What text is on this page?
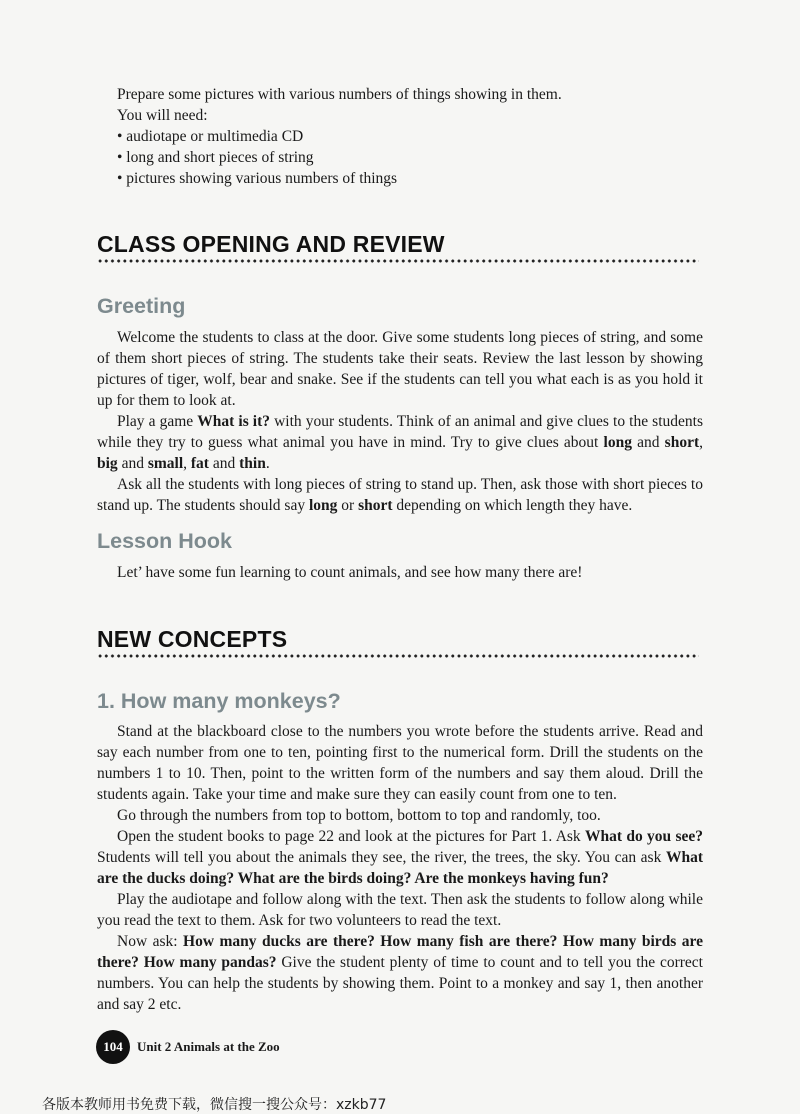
Prepare some pictures with various numbers of things showing in them.
You will need:
• audiotape or multimedia CD
• long and short pieces of string
• pictures showing various numbers of things
CLASS OPENING AND REVIEW
Greeting

Welcome the students to class at the door. Give some students long pieces of string, and some of them short pieces of string. The students take their seats. Review the last lesson by showing pictures of tiger, wolf, bear and snake. See if the students can tell you what each is as you hold it up for them to look at.

Play a game What is it? with your students. Think of an animal and give clues to the students while they try to guess what animal you have in mind. Try to give clues about long and short, big and small, fat and thin.

Ask all the students with long pieces of string to stand up. Then, ask those with short pieces to stand up. The students should say long or short depending on which length they have.

Lesson Hook

Let’ have some fun learning to count animals, and see how many there are!

NEW CONCEPTS
1. How many monkeys?

Stand at the blackboard close to the numbers you wrote before the students arrive. Read and say each number from one to ten, pointing first to the numerical form. Drill the students on the numbers 1 to 10. Then, point to the written form of the numbers and say them aloud. Drill the students again. Take your time and make sure they can easily count from one to ten.

Go through the numbers from top to bottom, bottom to top and randomly, too.

Open the student books to page 22 and look at the pictures for Part 1. Ask What do you see? Students will tell you about the animals they see, the river, the trees, the sky. You can ask What are the ducks doing? What are the birds doing? Are the monkeys having fun?

Play the audiotape and follow along with the text. Then ask the students to follow along while you read the text to them. Ask for two volunteers to read the text.

Now ask: How many ducks are there? How many fish are there? How many birds are there? How many pandas? Give the student plenty of time to count and to tell you the correct numbers. You can help the students by showing them. Point to a monkey and say 1, then another and say 2 etc.

104	Unit 2 Animals at the Zoo
各版本教师用书免费下载，微信搜一搜公众号：xzkb77
